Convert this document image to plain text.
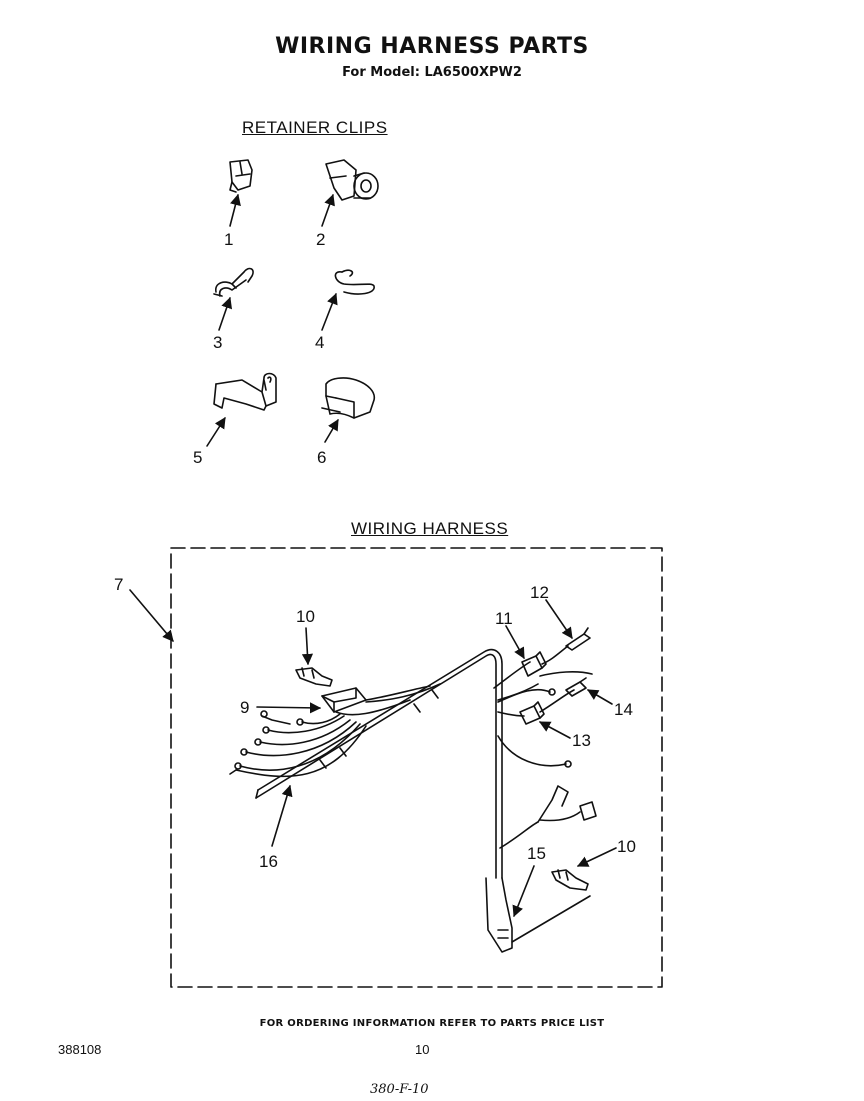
WIRING HARNESS PARTS
For Model: LA6500XPW2
RETAINER CLIPS
WIRING HARNESS
1	2
3	4
5	6
7
9
10
10
11
12
13
14
15
16
FOR ORDERING INFORMATION REFER TO PARTS PRICE LIST
388108	10
380-F-10
